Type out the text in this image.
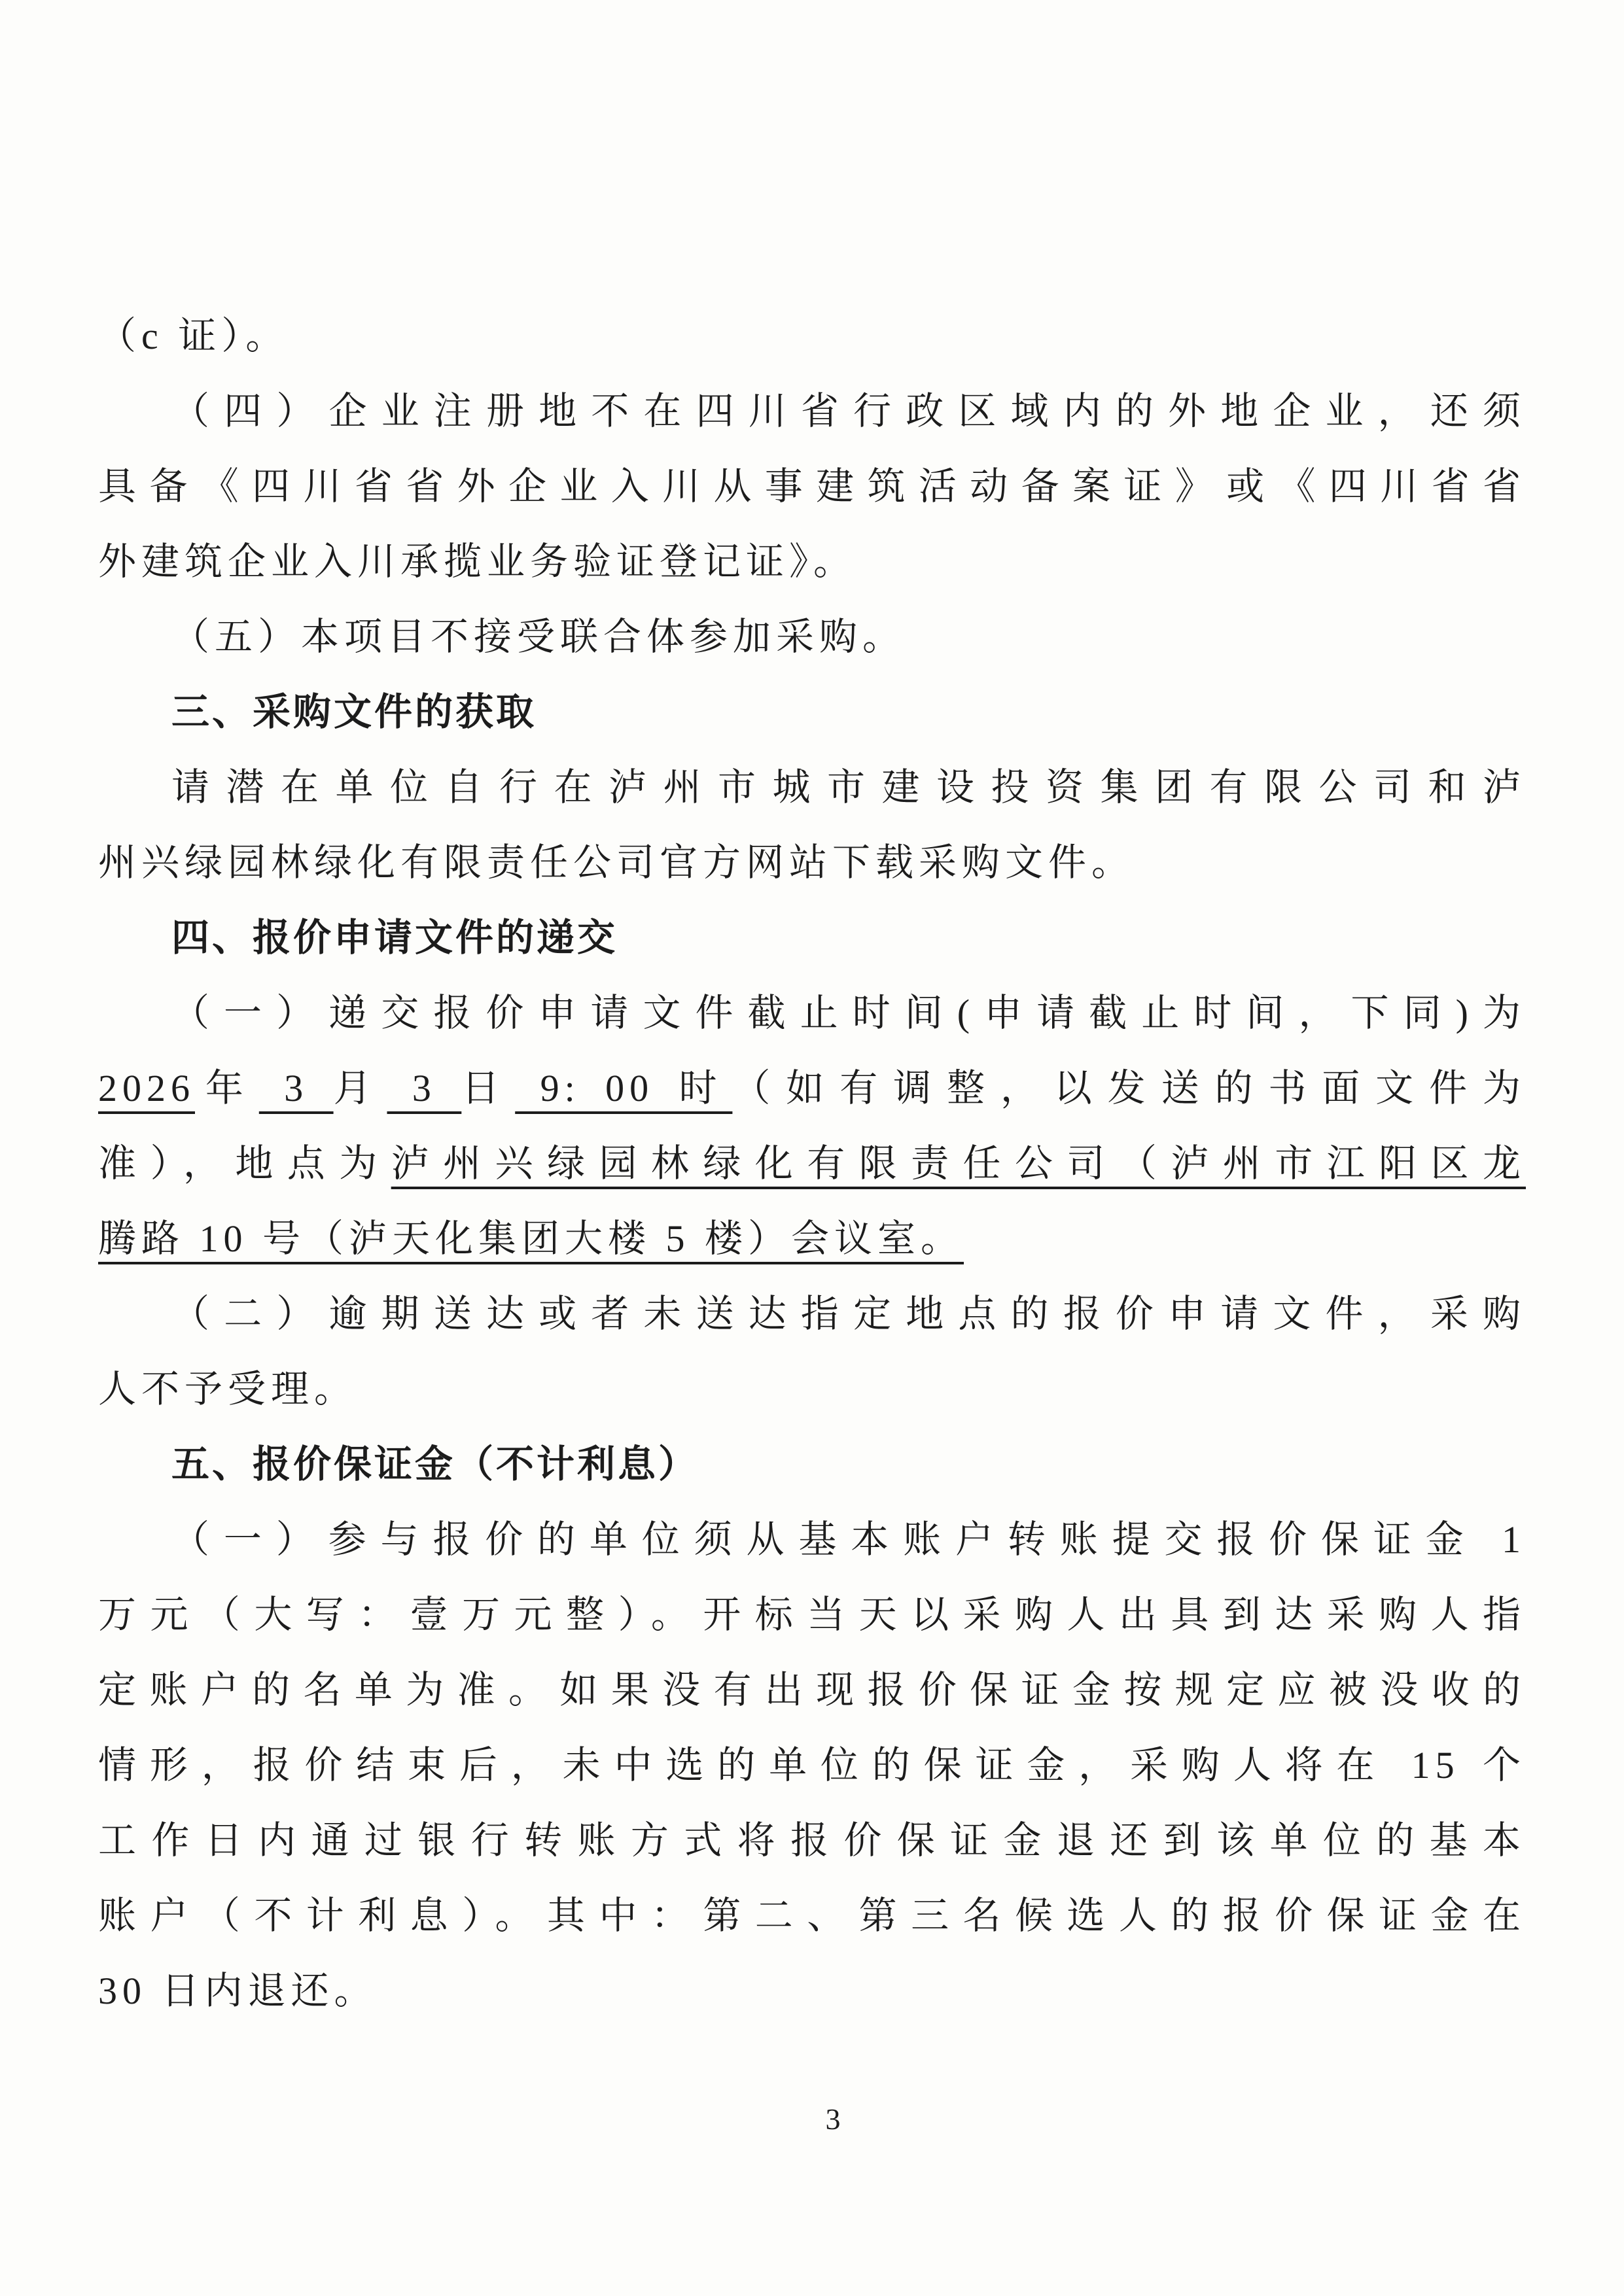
（c 证）。
（四）企业注册地不在四川省行政区域内的外地企业，还须
具备《四川省省外企业入川从事建筑活动备案证》或《四川省省
外建筑企业入川承揽业务验证登记证》。
（五）本项目不接受联合体参加采购。
三、采购文件的获取
请潜在单位自行在泸州市城市建设投资集团有限公司和泸
州兴绿园林绿化有限责任公司官方网站下载采购文件。
四、报价申请文件的递交
（一）递交报价申请文件截止时间(申请截止时间，下同)为
2026年 3 月 3 日 9: 00 时（如有调整，以发送的书面文件为
准），地点为泸州兴绿园林绿化有限责任公司（泸州市江阳区龙
腾路 10 号（泸天化集团大楼 5 楼）会议室。
（二）逾期送达或者未送达指定地点的报价申请文件，采购
人不予受理。
五、报价保证金（不计利息）
（一）参与报价的单位须从基本账户转账提交报价保证金 1
万元（大写：壹万元整）。开标当天以采购人出具到达采购人指
定账户的名单为准。如果没有出现报价保证金按规定应被没收的
情形，报价结束后，未中选的单位的保证金，采购人将在 15 个
工作日内通过银行转账方式将报价保证金退还到该单位的基本
账户（不计利息）。其中：第二、第三名候选人的报价保证金在
30 日内退还。
3
